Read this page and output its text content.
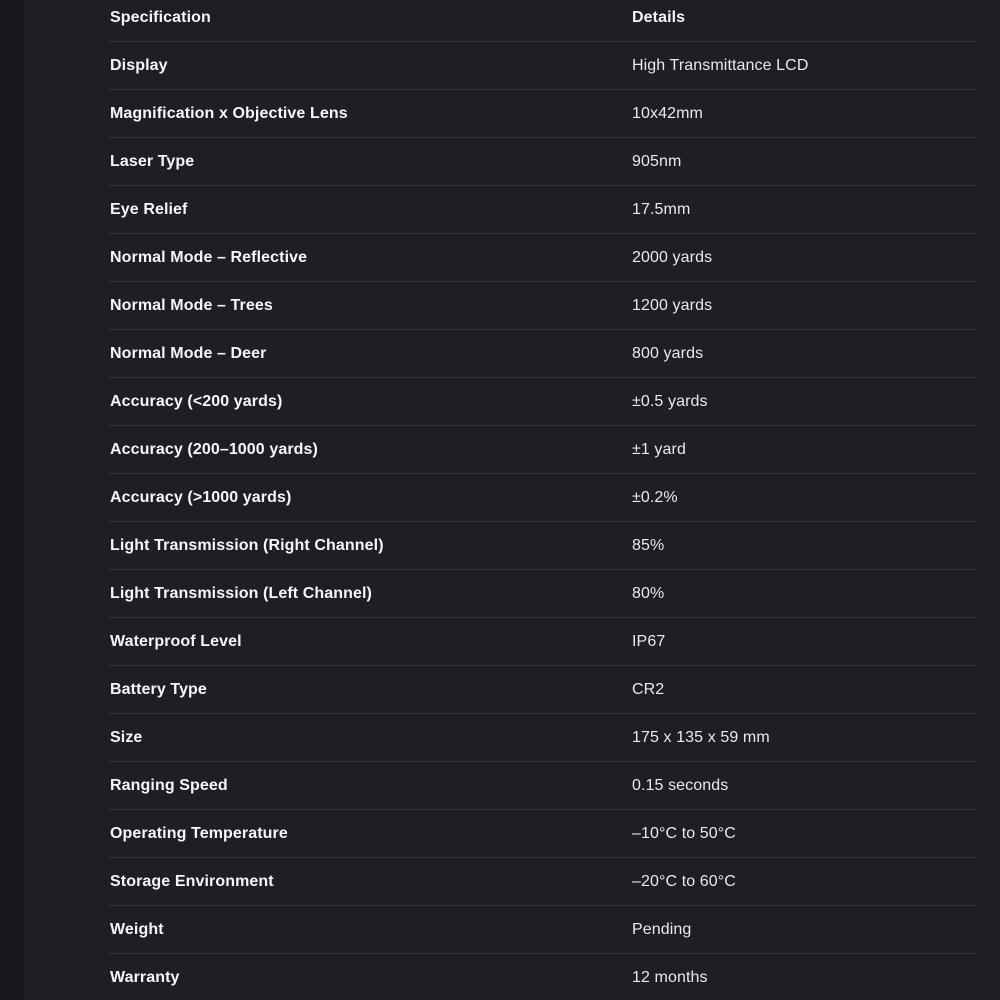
Specification	Details
Display	High Transmittance LCD
Magnification x Objective Lens	10x42mm
Laser Type	905nm
Eye Relief	17.5mm
Normal Mode – Reflective	2000 yards
Normal Mode – Trees	1200 yards
Normal Mode – Deer	800 yards
Accuracy (<200 yards)	±0.5 yards
Accuracy (200–1000 yards)	±1 yard
Accuracy (>1000 yards)	±0.2%
Light Transmission (Right Channel)	85%
Light Transmission (Left Channel)	80%
Waterproof Level	IP67
Battery Type	CR2
Size	175 x 135 x 59 mm
Ranging Speed	0.15 seconds
Operating Temperature	–10°C to 50°C
Storage Environment	–20°C to 60°C
Weight	Pending
Warranty	12 months
